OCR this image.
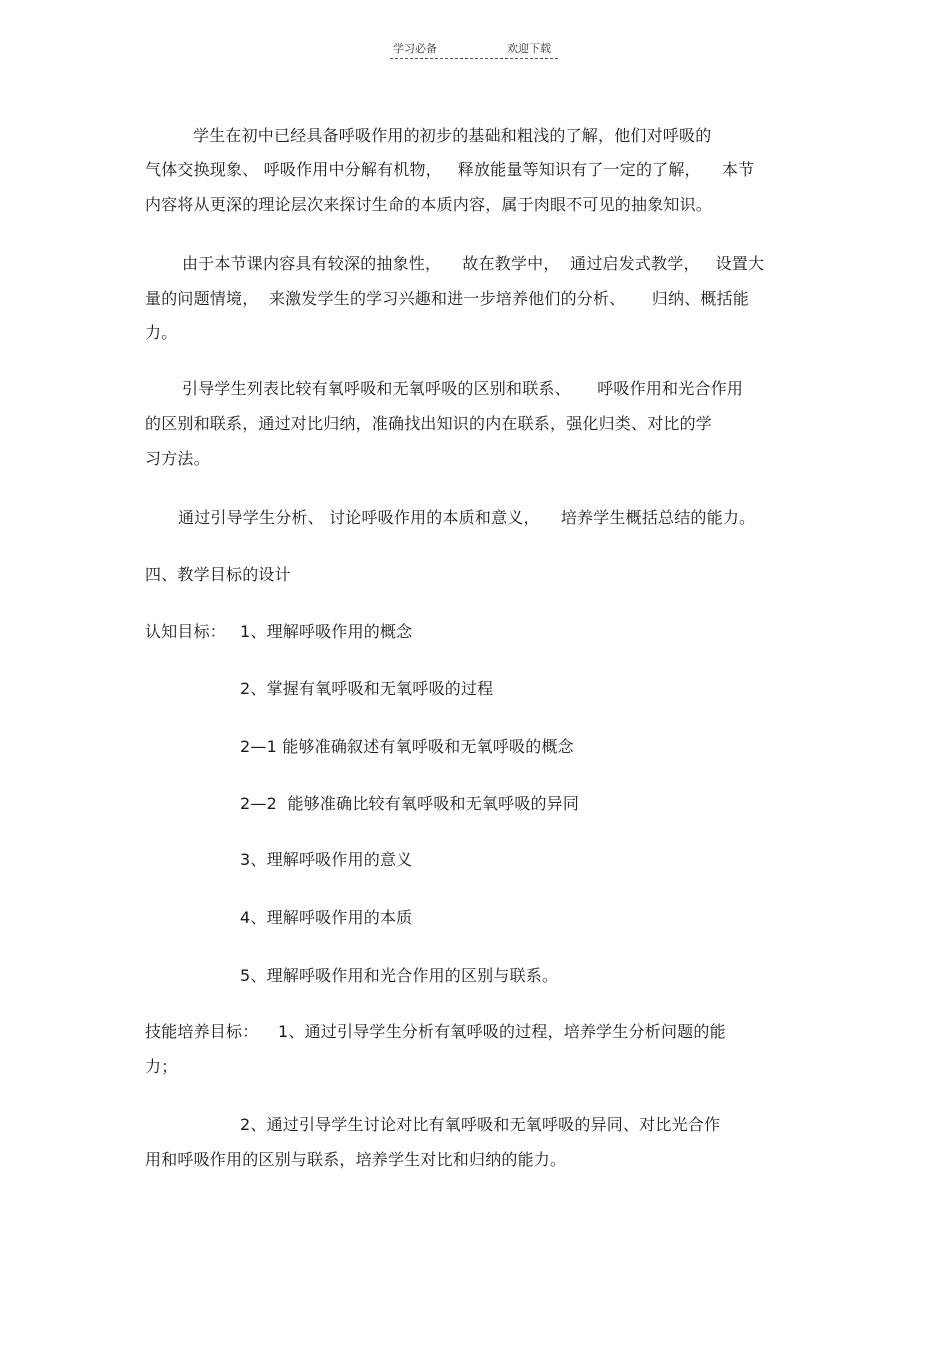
学习必备	欢迎下载
学生在初中已经具备呼吸作用的初步的基础和粗浅的了解，他们对呼吸的
气体交换现象、 呼吸作用中分解有机物，   释放能量等知识有了一定的了解，    本节
内容将从更深的理论层次来探讨生命的本质内容，属于肉眼不可见的抽象知识。
由于本节课内容具有较深的抽象性，    故在教学中，  通过启发式教学，   设置大
量的问题情境，  来激发学生的学习兴趣和进一步培养他们的分析、     归纳、概括能
力。
引导学生列表比较有氧呼吸和无氧呼吸的区别和联系、     呼吸作用和光合作用
的区别和联系，通过对比归纳，准确找出知识的内在联系，强化归类、对比的学
习方法。
通过引导学生分析、 讨论呼吸作用的本质和意义，    培养学生概括总结的能力。
四、教学目标的设计
认知目标： 1、理解呼吸作用的概念
2、掌握有氧呼吸和无氧呼吸的过程
2—1 能够准确叙述有氧呼吸和无氧呼吸的概念
2—2  能够准确比较有氧呼吸和无氧呼吸的异同
3、理解呼吸作用的意义
4、理解呼吸作用的本质
5、理解呼吸作用和光合作用的区别与联系。
技能培养目标： 1、通过引导学生分析有氧呼吸的过程，培养学生分析问题的能
力；
2、通过引导学生讨论对比有氧呼吸和无氧呼吸的异同、对比光合作
用和呼吸作用的区别与联系，培养学生对比和归纳的能力。
